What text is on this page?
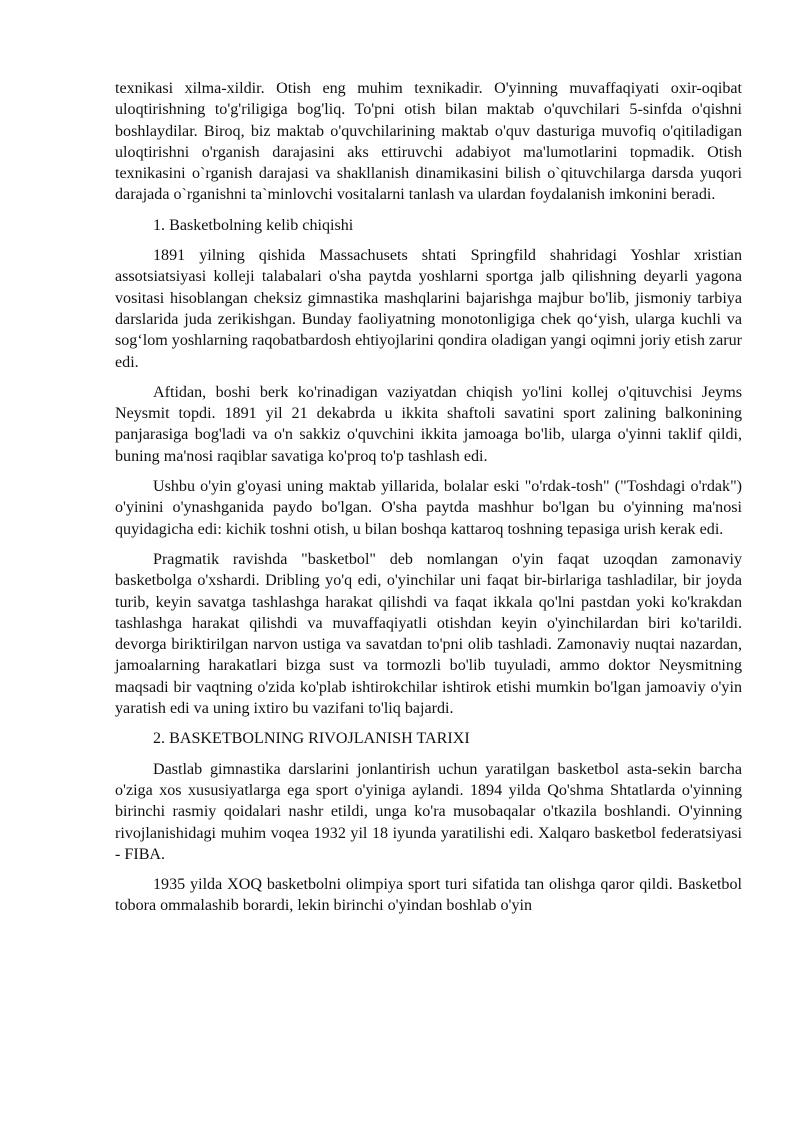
texnikasi xilma-xildir. Otish eng muhim texnikadir. O'yinning muvaffaqiyati oxir-oqibat uloqtirishning to'g'riligiga bog'liq. To'pni otish bilan maktab o'quvchilari 5-sinfda o'qishni boshlaydilar. Biroq, biz maktab o'quvchilarining maktab o'quv dasturiga muvofiq o'qitiladigan uloqtirishni o'rganish darajasini aks ettiruvchi adabiyot ma'lumotlarini topmadik. Otish texnikasini o`rganish darajasi va shakllanish dinamikasini bilish o`qituvchilarga darsda yuqori darajada o`rganishni ta`minlovchi vositalarni tanlash va ulardan foydalanish imkonini beradi.

1. Basketbolning kelib chiqishi

1891 yilning qishida Massachusets shtati Springfild shahridagi Yoshlar xristian assotsiatsiyasi kolleji talabalari o'sha paytda yoshlarni sportga jalb qilishning deyarli yagona vositasi hisoblangan cheksiz gimnastika mashqlarini bajarishga majbur bo'lib, jismoniy tarbiya darslarida juda zerikishgan. Bunday faoliyatning monotonligiga chek qo‘yish, ularga kuchli va sog‘lom yoshlarning raqobatbardosh ehtiyojlarini qondira oladigan yangi oqimni joriy etish zarur edi.

Aftidan, boshi berk ko'rinadigan vaziyatdan chiqish yo'lini kollej o'qituvchisi Jeyms Neysmit topdi. 1891 yil 21 dekabrda u ikkita shaftoli savatini sport zalining balkonining panjarasiga bog'ladi va o'n sakkiz o'quvchini ikkita jamoaga bo'lib, ularga o'yinni taklif qildi, buning ma'nosi raqiblar savatiga ko'proq to'p tashlash edi.

Ushbu o'yin g'oyasi uning maktab yillarida, bolalar eski "o'rdak-tosh" ("Toshdagi o'rdak") o'yinini o'ynashganida paydo bo'lgan. O'sha paytda mashhur bo'lgan bu o'yinning ma'nosi quyidagicha edi: kichik toshni otish, u bilan boshqa kattaroq toshning tepasiga urish kerak edi.

Pragmatik ravishda "basketbol" deb nomlangan o'yin faqat uzoqdan zamonaviy basketbolga o'xshardi. Dribling yo'q edi, o'yinchilar uni faqat bir-birlariga tashladilar, bir joyda turib, keyin savatga tashlashga harakat qilishdi va faqat ikkala qo'lni pastdan yoki ko'krakdan tashlashga harakat qilishdi va muvaffaqiyatli otishdan keyin o'yinchilardan biri ko'tarildi. devorga biriktirilgan narvon ustiga va savatdan to'pni olib tashladi. Zamonaviy nuqtai nazardan, jamoalarning harakatlari bizga sust va tormozli bo'lib tuyuladi, ammo doktor Neysmitning maqsadi bir vaqtning o'zida ko'plab ishtirokchilar ishtirok etishi mumkin bo'lgan jamoaviy o'yin yaratish edi va uning ixtiro bu vazifani to'liq bajardi.

2. BASKETBOLNING RIVOJLANISH TARIXI

Dastlab gimnastika darslarini jonlantirish uchun yaratilgan basketbol asta-sekin barcha o'ziga xos xususiyatlarga ega sport o'yiniga aylandi. 1894 yilda Qo'shma Shtatlarda o'yinning birinchi rasmiy qoidalari nashr etildi, unga ko'ra musobaqalar o'tkazila boshlandi. O'yinning rivojlanishidagi muhim voqea 1932 yil 18 iyunda yaratilishi edi. Xalqaro basketbol federatsiyasi - FIBA.

1935 yilda XOQ basketbolni olimpiya sport turi sifatida tan olishga qaror qildi. Basketbol tobora ommalashib borardi, lekin birinchi o'yindan boshlab o'yin
